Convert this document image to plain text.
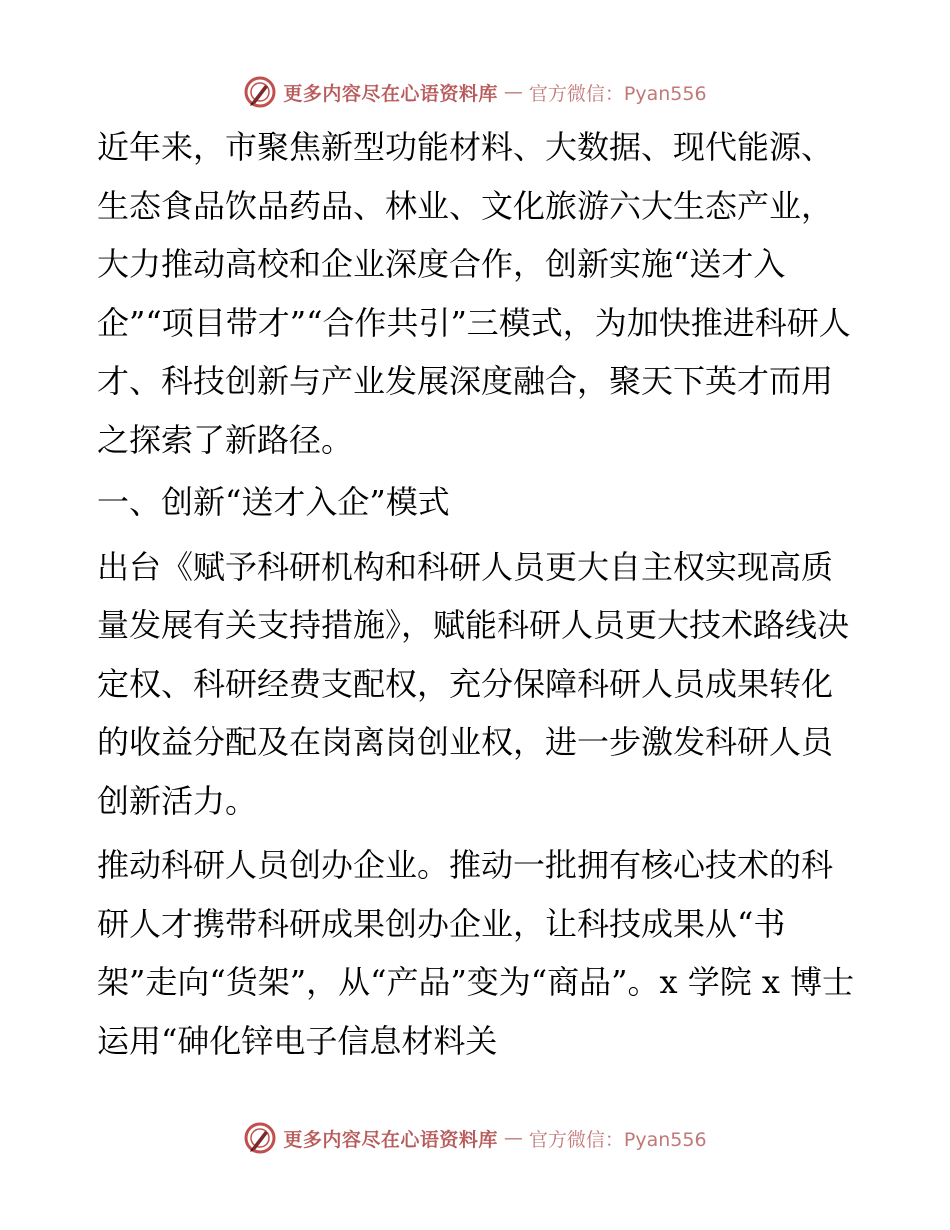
更多内容尽在心语资料库 — 官方微信：Pyan556

近年来，市聚焦新型功能材料、大数据、现代能源、生态食品饮品药品、林业、文化旅游六大生态产业，大力推动高校和企业深度合作，创新实施“送才入企”“项目带才”“合作共引”三模式，为加快推进科研人才、科技创新与产业发展深度融合，聚天下英才而用之探索了新路径。

一、创新“送才入企”模式

出台《赋予科研机构和科研人员更大自主权实现高质量发展有关支持措施》，赋能科研人员更大技术路线决定权、科研经费支配权，充分保障科研人员成果转化的收益分配及在岗离岗创业权，进一步激发科研人员创新活力。

推动科研人员创办企业。推动一批拥有核心技术的科研人才携带科研成果创办企业，让科技成果从“书架”走向“货架”，从“产品”变为“商品”。x 学院 x 博士运用“砷化锌电子信息材料关

更多内容尽在心语资料库 — 官方微信：Pyan556
